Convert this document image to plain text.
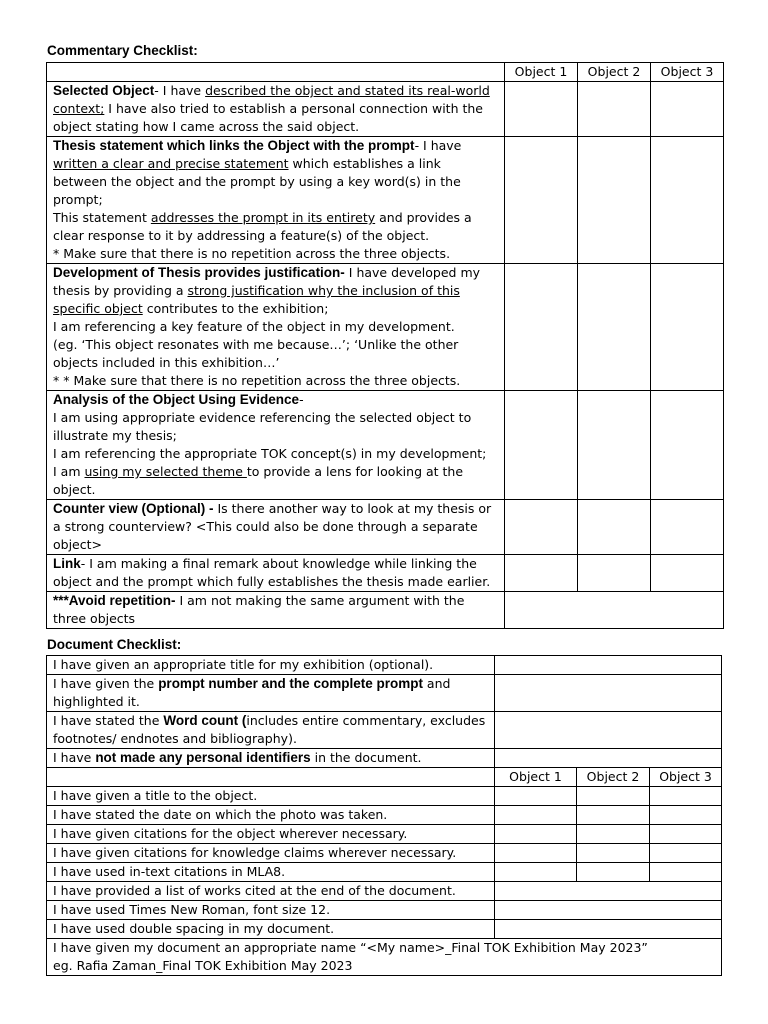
Commentary Checklist:
	Object 1	Object 2	Object 3
Selected Object- I have described the object and stated its real-world context; I have also tried to establish a personal connection with the object stating how I came across the said object.			

Thesis statement which links the Object with the prompt- I have written a clear and precise statement which establishes a link between the object and the prompt by using a key word(s) in the prompt;
This statement addresses the prompt in its entirety and provides a clear response to it by addressing a feature(s) of the object.
* Make sure that there is no repetition across the three objects.			

Development of Thesis provides justification- I have developed my thesis by providing a strong justification why the inclusion of this specific object contributes to the exhibition;
I am referencing a key feature of the object in my development.
(eg. ‘This object resonates with me because…’; ‘Unlike the other objects included in this exhibition…’
* * Make sure that there is no repetition across the three objects.			

Analysis of the Object Using Evidence-
I am using appropriate evidence referencing the selected object to illustrate my thesis;
I am referencing the appropriate TOK concept(s) in my development;
I am using my selected theme to provide a lens for looking at the object.			

Counter view (Optional) - Is there another way to look at my thesis or a strong counterview? <This could also be done through a separate object>			
Link- I am making a final remark about knowledge while linking the object and the prompt which fully establishes the thesis made earlier.			
***Avoid repetition- I am not making the same argument with the three objects			
Document Checklist:
I have given an appropriate title for my exhibition (optional).			
I have given the prompt number and the complete prompt and highlighted it.			
I have stated the Word count (includes entire commentary, excludes footnotes/ endnotes and bibliography).			
I have not made any personal identifiers in the document.			
	Object 1	Object 2	Object 3
I have given a title to the object.			
I have stated the date on which the photo was taken.			
I have given citations for the object wherever necessary.			
I have given citations for knowledge claims wherever necessary.			
I have used in-text citations in MLA8.			
I have provided a list of works cited at the end of the document.			
I have used Times New Roman, font size 12.			
I have used double spacing in my document.			

I have given my document an appropriate name “<My name>_Final TOK Exhibition May 2023”
eg. Rafia Zaman_Final TOK Exhibition May 2023			
